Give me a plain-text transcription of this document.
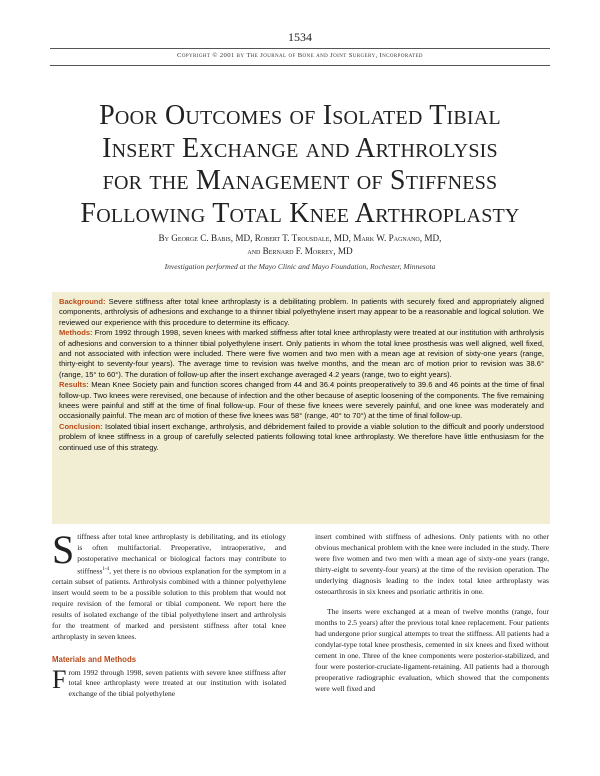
1534
Copyright © 2001 by The Journal of Bone and Joint Surgery, Incorporated
Poor Outcomes of Isolated Tibial
Insert Exchange and Arthrolysis
for the Management of Stiffness
Following Total Knee Arthroplasty
By George C. Babis, MD, Robert T. Trousdale, MD, Mark W. Pagnano, MD,
and Bernard F. Morrey, MD
Investigation performed at the Mayo Clinic and Mayo Foundation, Rochester, Minnesota

Background: Severe stiffness after total knee arthroplasty is a debilitating problem. In patients with securely fixed and appropriately aligned components, arthrolysis of adhesions and exchange to a thinner tibial polyethylene insert may appear to be a reasonable and logical solution. We reviewed our experience with this procedure to determine its efficacy.

Methods: From 1992 through 1998, seven knees with marked stiffness after total knee arthroplasty were treated at our institution with arthrolysis of adhesions and conversion to a thinner tibial polyethylene insert. Only patients in whom the total knee prosthesis was well aligned, well fixed, and not associated with infection were included. There were five women and two men with a mean age at revision of sixty-one years (range, thirty-eight to seventy-four years). The average time to revision was twelve months, and the mean arc of motion prior to revision was 38.6° (range, 15° to 60°). The duration of follow-up after the insert exchange averaged 4.2 years (range, two to eight years).

Results: Mean Knee Society pain and function scores changed from 44 and 36.4 points preoperatively to 39.6 and 46 points at the time of final follow-up. Two knees were rerevised, one because of infection and the other because of aseptic loosening of the components. The five remaining knees were painful and stiff at the time of final follow-up. Four of these five knees were severely painful, and one knee was moderately and occasionally painful. The mean arc of motion of these five knees was 58° (range, 40° to 70°) at the time of final follow-up.

Conclusion: Isolated tibial insert exchange, arthrolysis, and débridement failed to provide a viable solution to the difficult and poorly understood problem of knee stiffness in a group of carefully selected patients following total knee arthroplasty. We therefore have little enthusiasm for the continued use of this strategy.

Stiffness after total knee arthroplasty is debilitating, and its etiology is often multifactorial. Preoperative, intraoperative, and postoperative mechanical or biological factors may contribute to stiffness$^{1-4}$, yet there is no obvious explanation for the symptom in a certain subset of patients. Arthrolysis combined with a thinner polyethylene insert would seem to be a possible solution to this problem that would not require revision of the femoral or tibial component. We report here the results of isolated exchange of the tibial polyethylene insert and arthrolysis for the treatment of marked and persistent stiffness after total knee arthroplasty in seven knees.

Materials and Methods

From 1992 through 1998, seven patients with severe knee stiffness after total knee arthroplasty were treated at our institution with isolated exchange of the tibial polyethylene

insert combined with stiffness of adhesions. Only patients with no other obvious mechanical problem with the knee were included in the study. There were five women and two men with a mean age of sixty-one years (range, thirty-eight to seventy-four years) at the time of the revision operation. The underlying diagnosis leading to the index total knee arthroplasty was osteoarthrosis in six knees and psoriatic arthritis in one.

The inserts were exchanged at a mean of twelve months (range, four months to 2.5 years) after the previous total knee replacement. Four patients had undergone prior surgical attempts to treat the stiffness. All patients had a condylar-type total knee prosthesis, cemented in six knees and fixed without cement in one. Three of the knee components were posterior-stabilized, and four were posterior-cruciate-ligament-retaining. All patients had a thorough preoperative radiographic evaluation, which showed that the components were well fixed and
